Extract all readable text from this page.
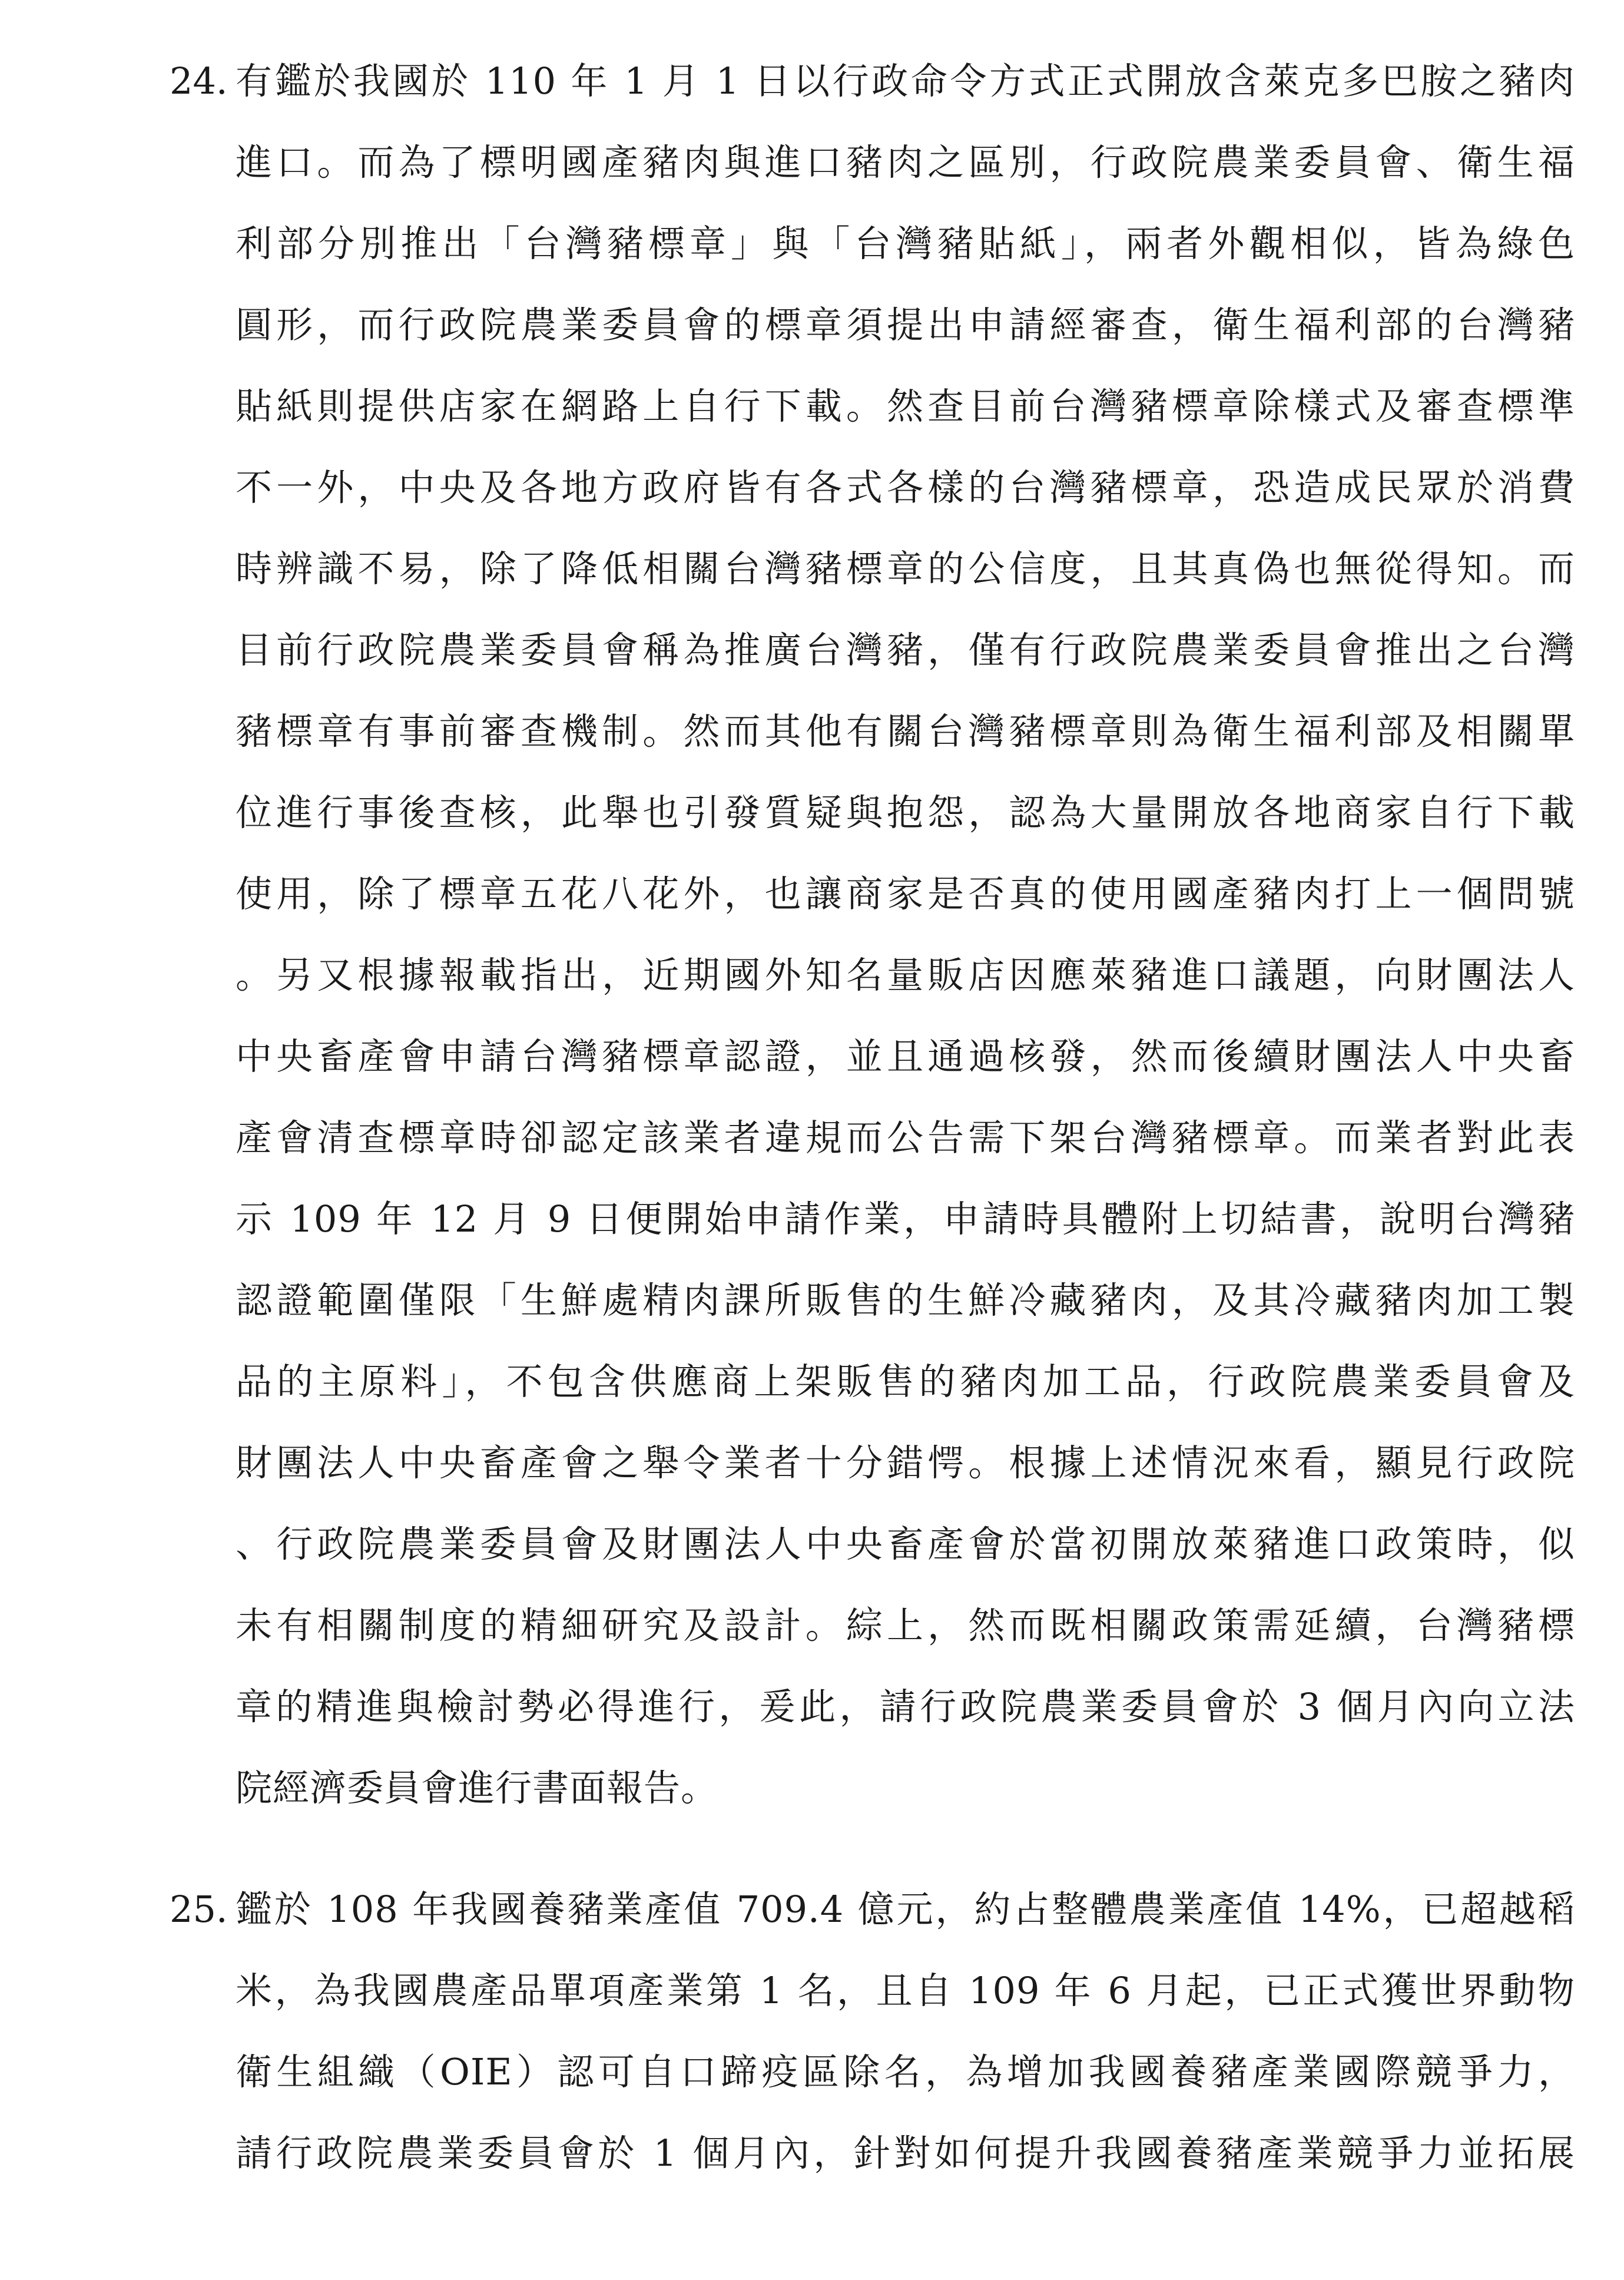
24. 有鑑於我國於 110 年 1 月 1 日以行政命令方式正式開放含萊克多巴胺之豬肉
進口。而為了標明國產豬肉與進口豬肉之區別，行政院農業委員會、衛生福
利部分別推出「台灣豬標章」與「台灣豬貼紙」，兩者外觀相似，皆為綠色
圓形，而行政院農業委員會的標章須提出申請經審查，衛生福利部的台灣豬
貼紙則提供店家在網路上自行下載。然查目前台灣豬標章除樣式及審查標準
不一外，中央及各地方政府皆有各式各樣的台灣豬標章，恐造成民眾於消費
時辨識不易，除了降低相關台灣豬標章的公信度，且其真偽也無從得知。而
目前行政院農業委員會稱為推廣台灣豬，僅有行政院農業委員會推出之台灣
豬標章有事前審查機制。然而其他有關台灣豬標章則為衛生福利部及相關單
位進行事後查核，此舉也引發質疑與抱怨，認為大量開放各地商家自行下載
使用，除了標章五花八花外，也讓商家是否真的使用國產豬肉打上一個問號
。另又根據報載指出，近期國外知名量販店因應萊豬進口議題，向財團法人
中央畜產會申請台灣豬標章認證，並且通過核發，然而後續財團法人中央畜
產會清查標章時卻認定該業者違規而公告需下架台灣豬標章。而業者對此表
示 109 年 12 月 9 日便開始申請作業，申請時具體附上切結書，說明台灣豬
認證範圍僅限「生鮮處精肉課所販售的生鮮冷藏豬肉，及其冷藏豬肉加工製
品的主原料」，不包含供應商上架販售的豬肉加工品，行政院農業委員會及
財團法人中央畜產會之舉令業者十分錯愕。根據上述情況來看，顯見行政院
、行政院農業委員會及財團法人中央畜產會於當初開放萊豬進口政策時，似
未有相關制度的精細研究及設計。綜上，然而既相關政策需延續，台灣豬標
章的精進與檢討勢必得進行，爰此，請行政院農業委員會於 3 個月內向立法
院經濟委員會進行書面報告。
25. 鑑於 108 年我國養豬業產值 709.4 億元，約占整體農業產值 14%，已超越稻
米，為我國農產品單項產業第 1 名，且自 109 年 6 月起，已正式獲世界動物
衛生組織（OIE）認可自口蹄疫區除名，為增加我國養豬產業國際競爭力，
請行政院農業委員會於 1 個月內，針對如何提升我國養豬產業競爭力並拓展
